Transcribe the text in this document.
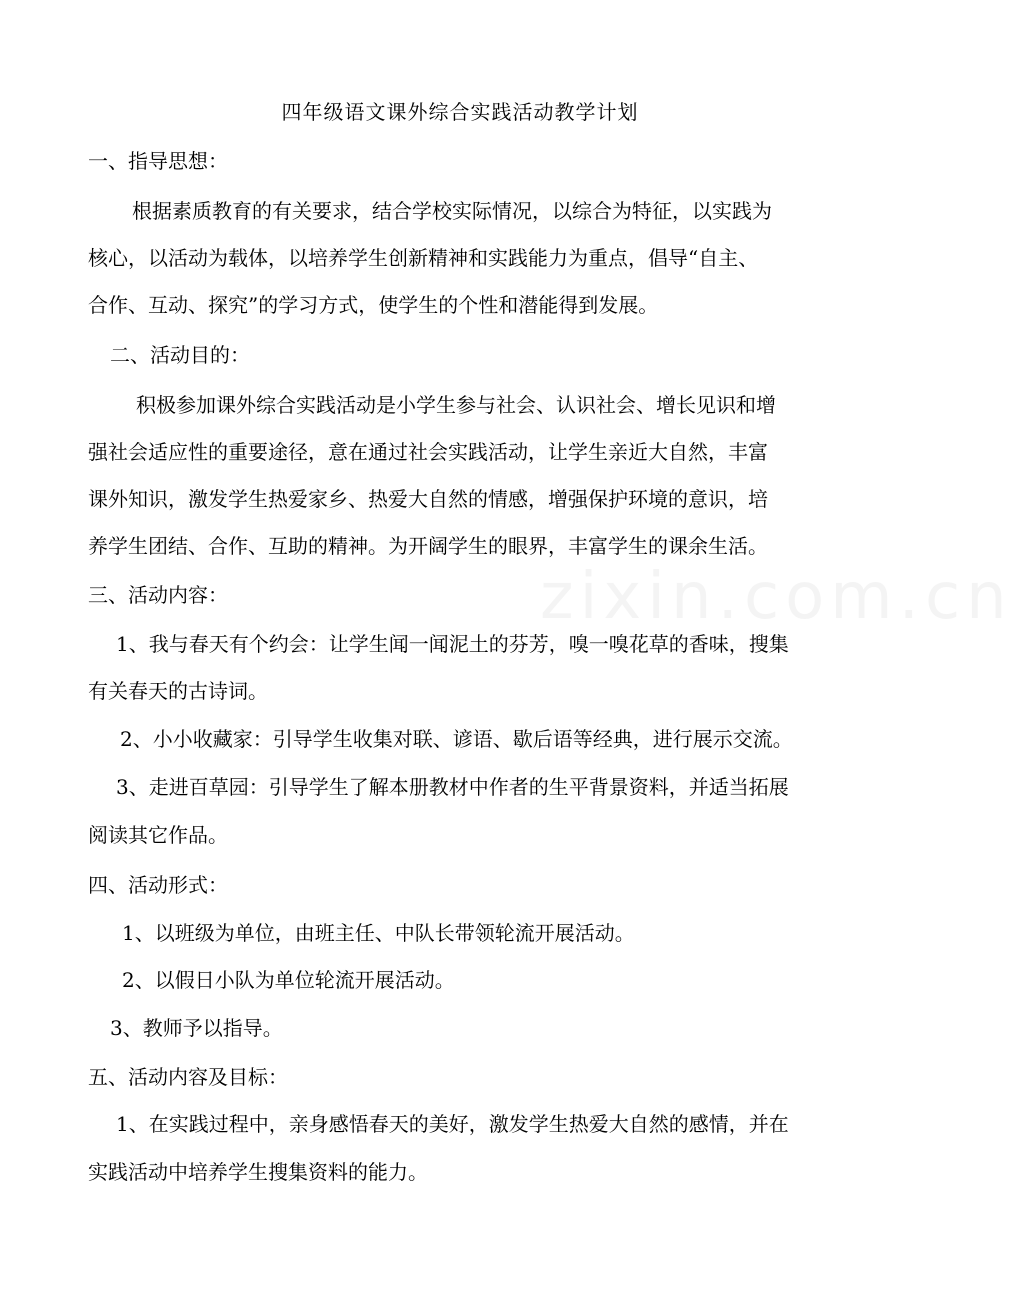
zixin.com.cn
四年级语文课外综合实践活动教学计划
一、指导思想：
根据素质教育的有关要求，结合学校实际情况，以综合为特征，以实践为
核心，以活动为载体，以培养学生创新精神和实践能力为重点，倡导“自主、
合作、互动、探究”的学习方式，使学生的个性和潜能得到发展。
二、活动目的：
积极参加课外综合实践活动是小学生参与社会、认识社会、增长见识和增
强社会适应性的重要途径，意在通过社会实践活动，让学生亲近大自然，丰富
课外知识，激发学生热爱家乡、热爱大自然的情感，增强保护环境的意识，培
养学生团结、合作、互助的精神。为开阔学生的眼界，丰富学生的课余生活。
三、活动内容：
1、我与春天有个约会：让学生闻一闻泥土的芬芳，嗅一嗅花草的香味，搜集
有关春天的古诗词。
2、小小收藏家：引导学生收集对联、谚语、歇后语等经典，进行展示交流。
3、走进百草园：引导学生了解本册教材中作者的生平背景资料，并适当拓展
阅读其它作品。
四、活动形式：
1、以班级为单位，由班主任、中队长带领轮流开展活动。
2、以假日小队为单位轮流开展活动。
3、教师予以指导。
五、活动内容及目标：
1、在实践过程中，亲身感悟春天的美好，激发学生热爱大自然的感情，并在
实践活动中培养学生搜集资料的能力。
